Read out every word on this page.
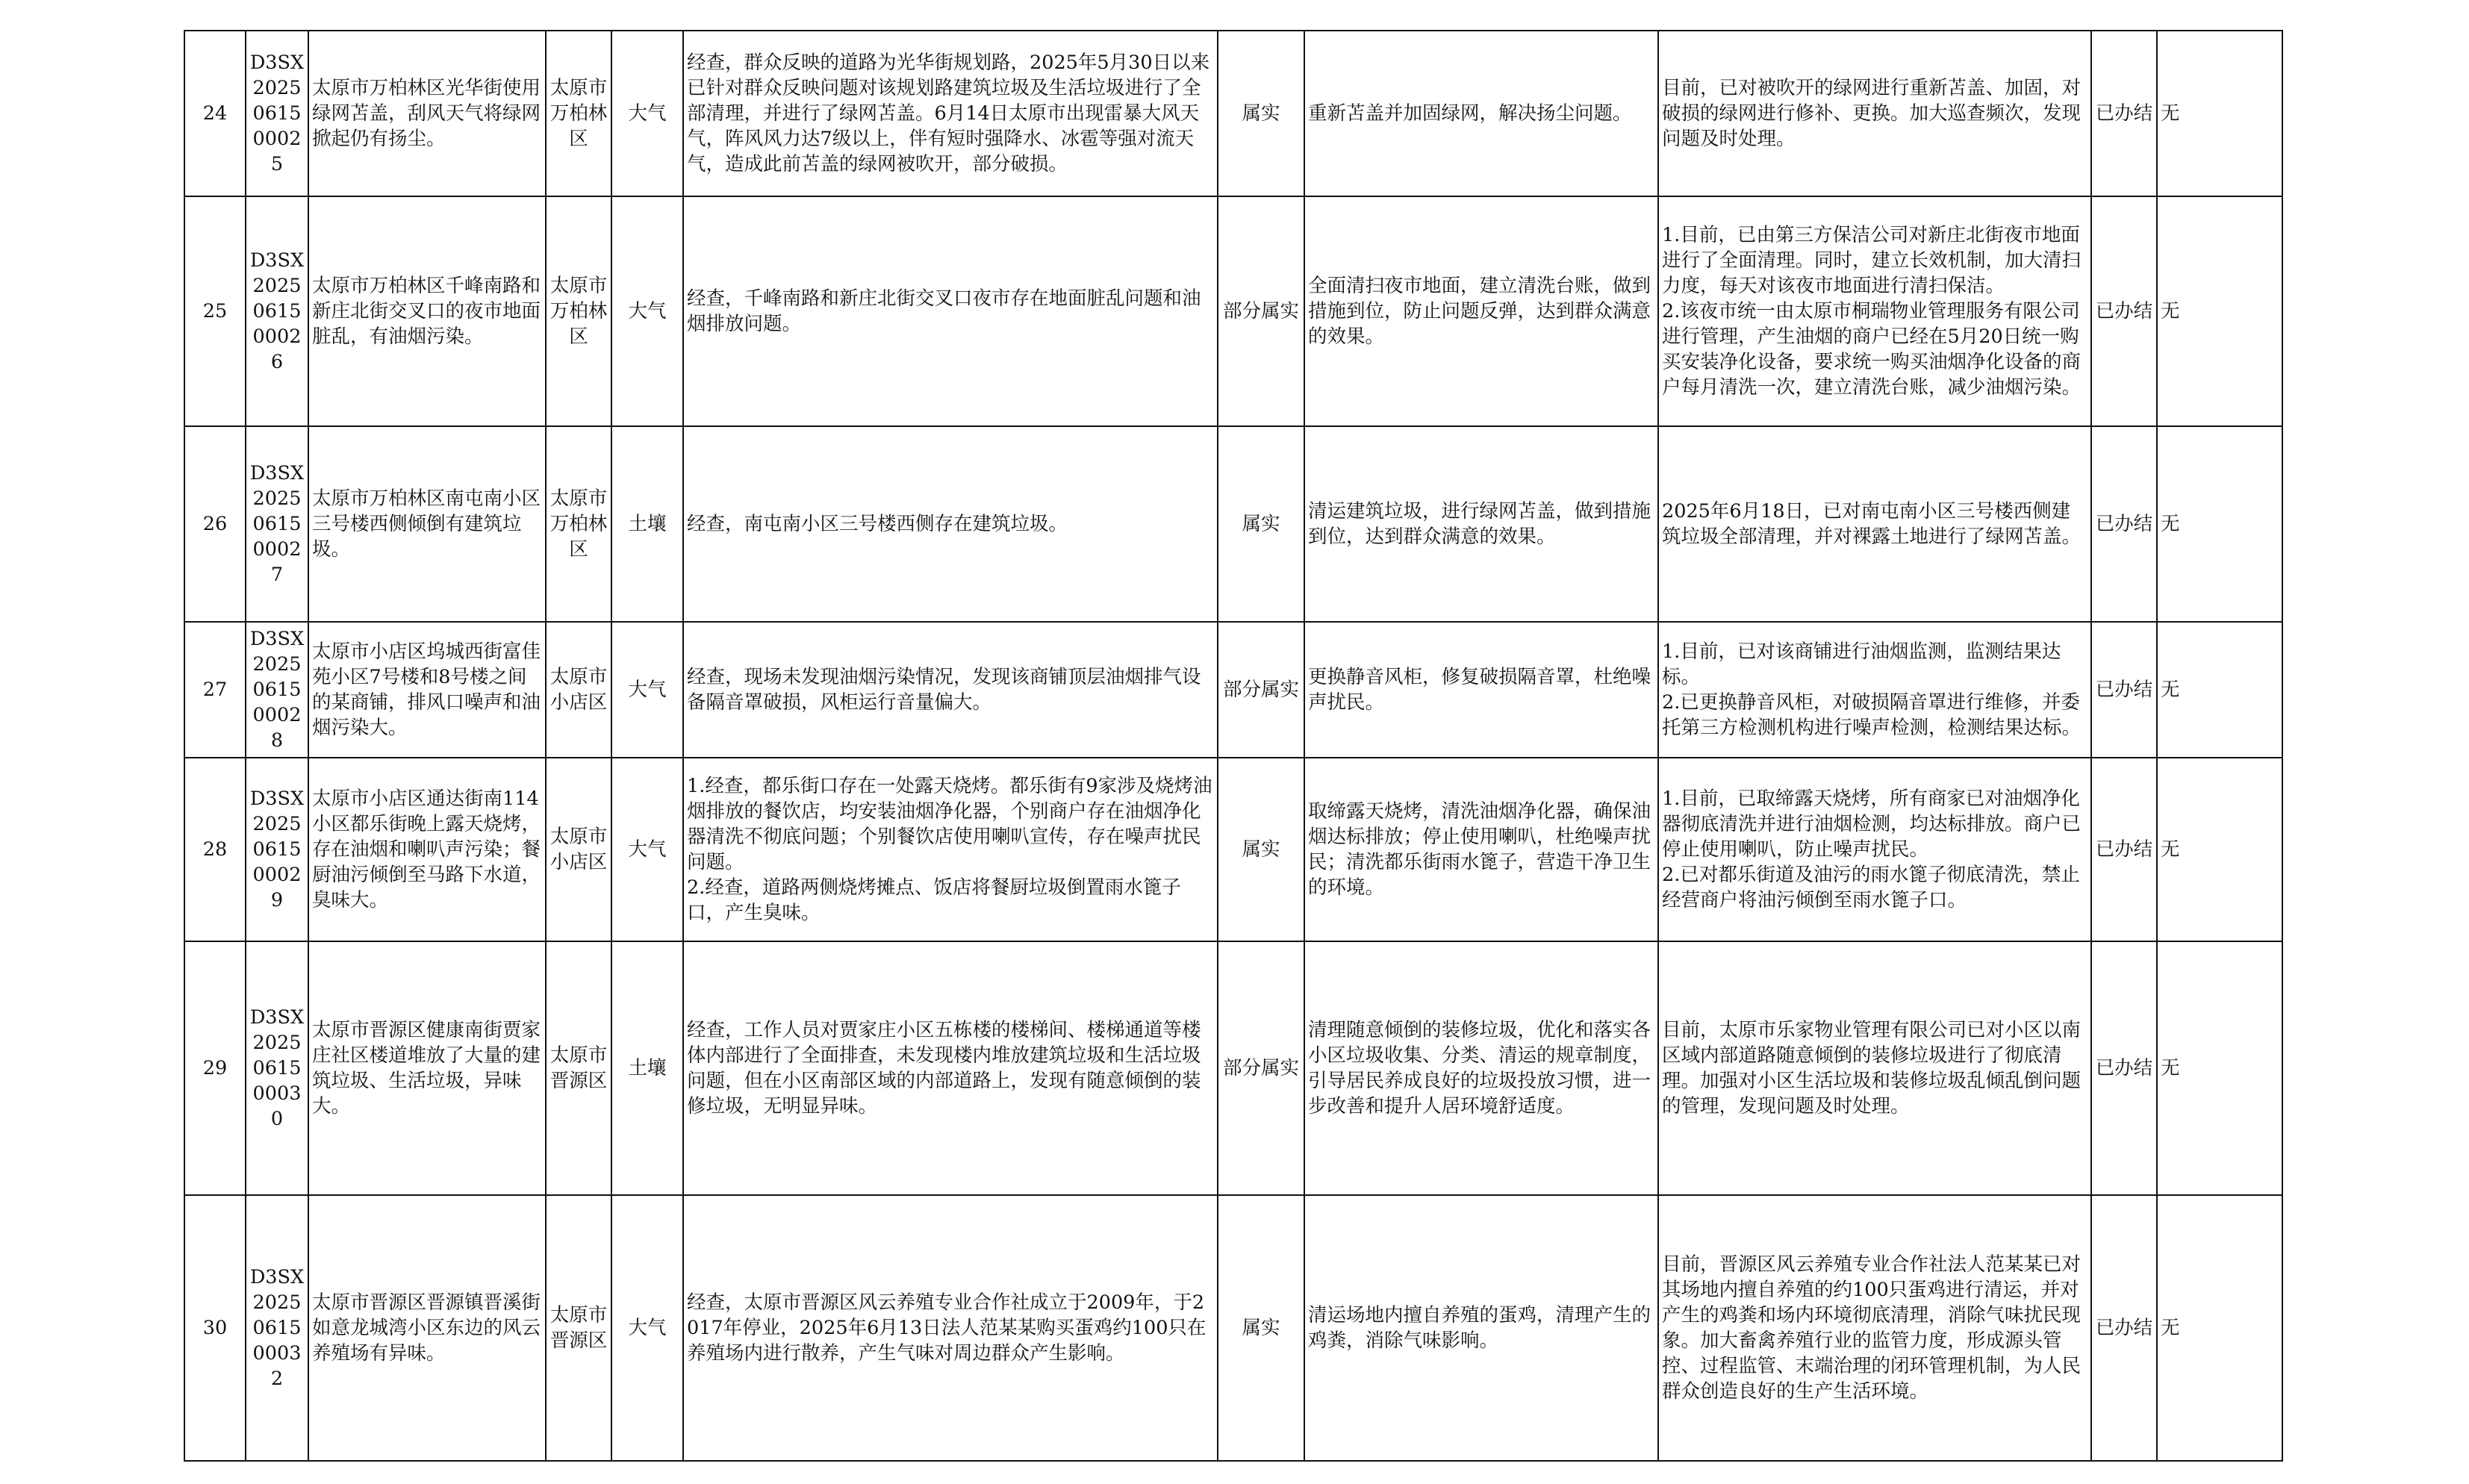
24	D3SX2025061500025	太原市万柏林区光华街使用绿网苫盖，刮风天气将绿网掀起仍有扬尘。	太原市万柏林区	大气	经查，群众反映的道路为光华街规划路，2025年5月30日以来已针对群众反映问题对该规划路建筑垃圾及生活垃圾进行了全部清理，并进行了绿网苫盖。6月14日太原市出现雷暴大风天气，阵风风力达7级以上，伴有短时强降水、冰雹等强对流天气，造成此前苫盖的绿网被吹开，部分破损。	属实	重新苫盖并加固绿网，解决扬尘问题。	目前，已对被吹开的绿网进行重新苫盖、加固，对破损的绿网进行修补、更换。加大巡查频次，发现问题及时处理。	已办结	无
25	D3SX2025061500026	太原市万柏林区千峰南路和新庄北街交叉口的夜市地面脏乱，有油烟污染。	太原市万柏林区	大气	经查，千峰南路和新庄北街交叉口夜市存在地面脏乱问题和油烟排放问题。	部分属实	全面清扫夜市地面，建立清洗台账，做到措施到位，防止问题反弹，达到群众满意的效果。	1.目前，已由第三方保洁公司对新庄北街夜市地面进行了全面清理。同时，建立长效机制，加大清扫力度，每天对该夜市地面进行清扫保洁。
2.该夜市统一由太原市桐瑞物业管理服务有限公司进行管理，产生油烟的商户已经在5月20日统一购买安装净化设备，要求统一购买油烟净化设备的商户每月清洗一次，建立清洗台账，减少油烟污染。	已办结	无
26	D3SX2025061500027	太原市万柏林区南屯南小区三号楼西侧倾倒有建筑垃圾。	太原市万柏林区	土壤	经查，南屯南小区三号楼西侧存在建筑垃圾。	属实	清运建筑垃圾，进行绿网苫盖，做到措施到位，达到群众满意的效果。	2025年6月18日，已对南屯南小区三号楼西侧建筑垃圾全部清理，并对裸露土地进行了绿网苫盖。	已办结	无
27	D3SX2025061500028	太原市小店区坞城西街富佳苑小区7号楼和8号楼之间的某商铺，排风口噪声和油烟污染大。	太原市小店区	大气	经查，现场未发现油烟污染情况，发现该商铺顶层油烟排气设备隔音罩破损，风柜运行音量偏大。	部分属实	更换静音风柜，修复破损隔音罩，杜绝噪声扰民。	1.目前，已对该商铺进行油烟监测，监测结果达标。
2.已更换静音风柜，对破损隔音罩进行维修，并委托第三方检测机构进行噪声检测，检测结果达标。	已办结	无
28	D3SX2025061500029	太原市小店区通达街南114小区都乐街晚上露天烧烤，存在油烟和喇叭声污染；餐厨油污倾倒至马路下水道，臭味大。	太原市小店区	大气	1.经查，都乐街口存在一处露天烧烤。都乐街有9家涉及烧烤油烟排放的餐饮店，均安装油烟净化器，个别商户存在油烟净化器清洗不彻底问题；个别餐饮店使用喇叭宣传，存在噪声扰民问题。
2.经查，道路两侧烧烤摊点、饭店将餐厨垃圾倒置雨水篦子口，产生臭味。	属实	取缔露天烧烤，清洗油烟净化器，确保油烟达标排放；停止使用喇叭，杜绝噪声扰民；清洗都乐街雨水篦子，营造干净卫生的环境。	1.目前，已取缔露天烧烤，所有商家已对油烟净化器彻底清洗并进行油烟检测，均达标排放。商户已停止使用喇叭，防止噪声扰民。
2.已对都乐街道及油污的雨水篦子彻底清洗，禁止经营商户将油污倾倒至雨水篦子口。	已办结	无
29	D3SX2025061500030	太原市晋源区健康南街贾家庄社区楼道堆放了大量的建筑垃圾、生活垃圾，异味大。	太原市晋源区	土壤	经查，工作人员对贾家庄小区五栋楼的楼梯间、楼梯通道等楼体内部进行了全面排查，未发现楼内堆放建筑垃圾和生活垃圾问题，但在小区南部区域的内部道路上，发现有随意倾倒的装修垃圾，无明显异味。	部分属实	清理随意倾倒的装修垃圾，优化和落实各小区垃圾收集、分类、清运的规章制度，引导居民养成良好的垃圾投放习惯，进一步改善和提升人居环境舒适度。	目前，太原市乐家物业管理有限公司已对小区以南区域内部道路随意倾倒的装修垃圾进行了彻底清理。加强对小区生活垃圾和装修垃圾乱倾乱倒问题的管理，发现问题及时处理。	已办结	无
30	D3SX2025061500032	太原市晋源区晋源镇晋溪街如意龙城湾小区东边的风云养殖场有异味。	太原市晋源区	大气	经查，太原市晋源区风云养殖专业合作社成立于2009年，于2017年停业，2025年6月13日法人范某某购买蛋鸡约100只在养殖场内进行散养，产生气味对周边群众产生影响。	属实	清运场地内擅自养殖的蛋鸡，清理产生的鸡粪，消除气味影响。	目前，晋源区风云养殖专业合作社法人范某某已对其场地内擅自养殖的约100只蛋鸡进行清运，并对产生的鸡粪和场内环境彻底清理，消除气味扰民现象。加大畜禽养殖行业的监管力度，形成源头管控、过程监管、末端治理的闭环管理机制，为人民群众创造良好的生产生活环境。	已办结	无
